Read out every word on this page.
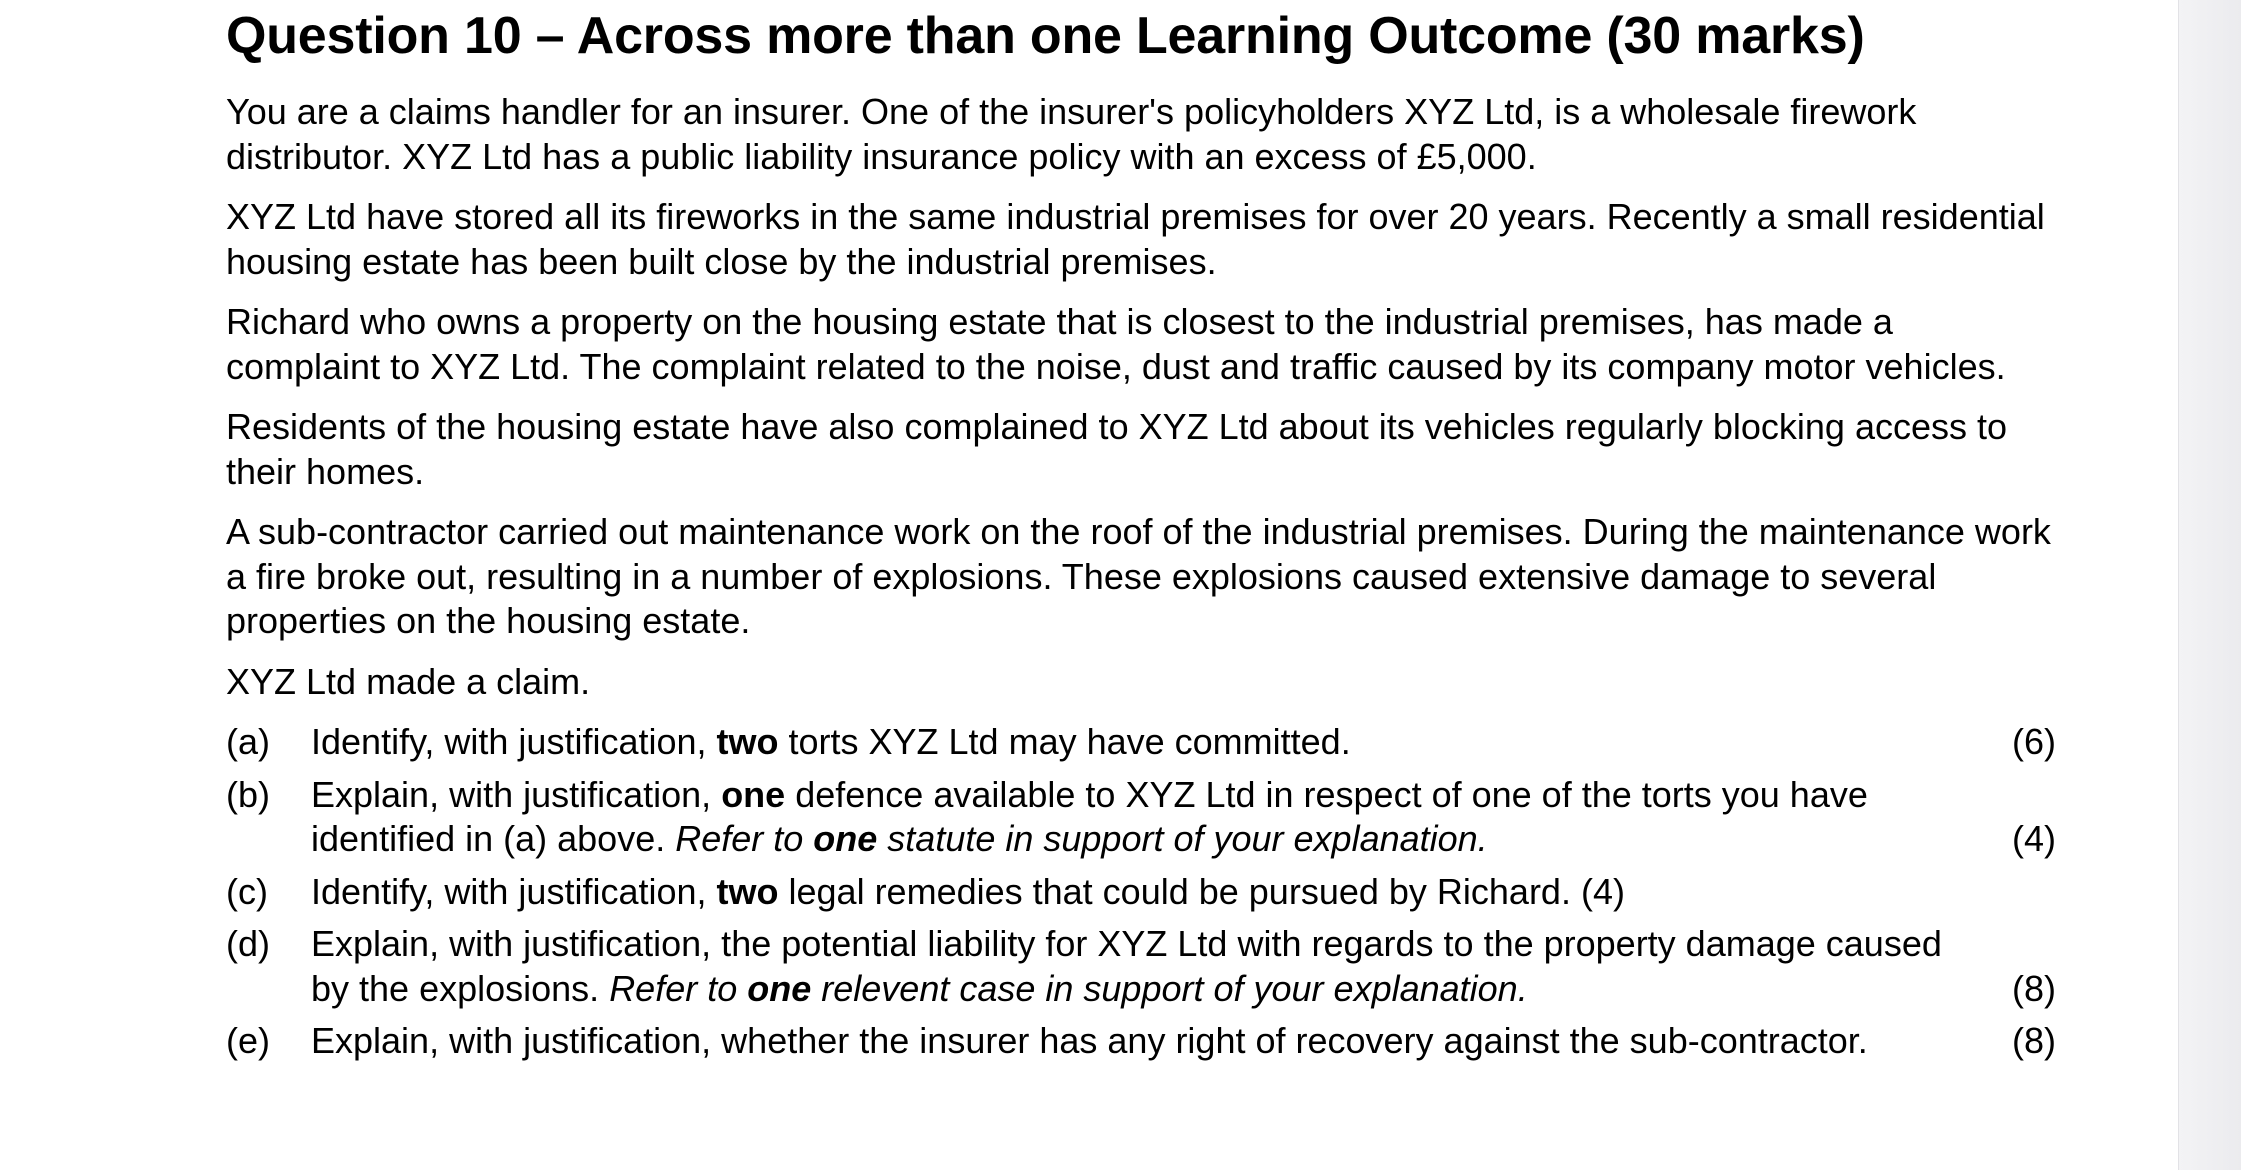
Question 10 – Across more than one Learning Outcome (30 marks)

You are a claims handler for an insurer. One of the insurer's policyholders XYZ Ltd, is a wholesale firework distributor. XYZ Ltd has a public liability insurance policy with an excess of £5,000.

XYZ Ltd have stored all its fireworks in the same industrial premises for over 20 years. Recently a small residential housing estate has been built close by the industrial premises.

Richard who owns a property on the housing estate that is closest to the industrial premises, has made a complaint to XYZ Ltd. The complaint related to the noise, dust and traffic caused by its company motor vehicles.

Residents of the housing estate have also complained to XYZ Ltd about its vehicles regularly blocking access to their homes.

A sub-contractor carried out maintenance work on the roof of the industrial premises. During the maintenance work a fire broke out, resulting in a number of explosions. These explosions caused extensive damage to several properties on the housing estate.

XYZ Ltd made a claim.

(a) Identify, with justification, two torts XYZ Ltd may have committed.	(6)
(b) Explain, with justification, one defence available to XYZ Ltd in respect of one of the torts you have identified in (a) above. Refer to one statute in support of your explanation.	(4)
(c) Identify, with justification, two legal remedies that could be pursued by Richard. (4)
(d) Explain, with justification, the potential liability for XYZ Ltd with regards to the property damage caused by the explosions. Refer to one relevent case in support of your explanation.	(8)
(e) Explain, with justification, whether the insurer has any right of recovery against the sub-contractor.	(8)
